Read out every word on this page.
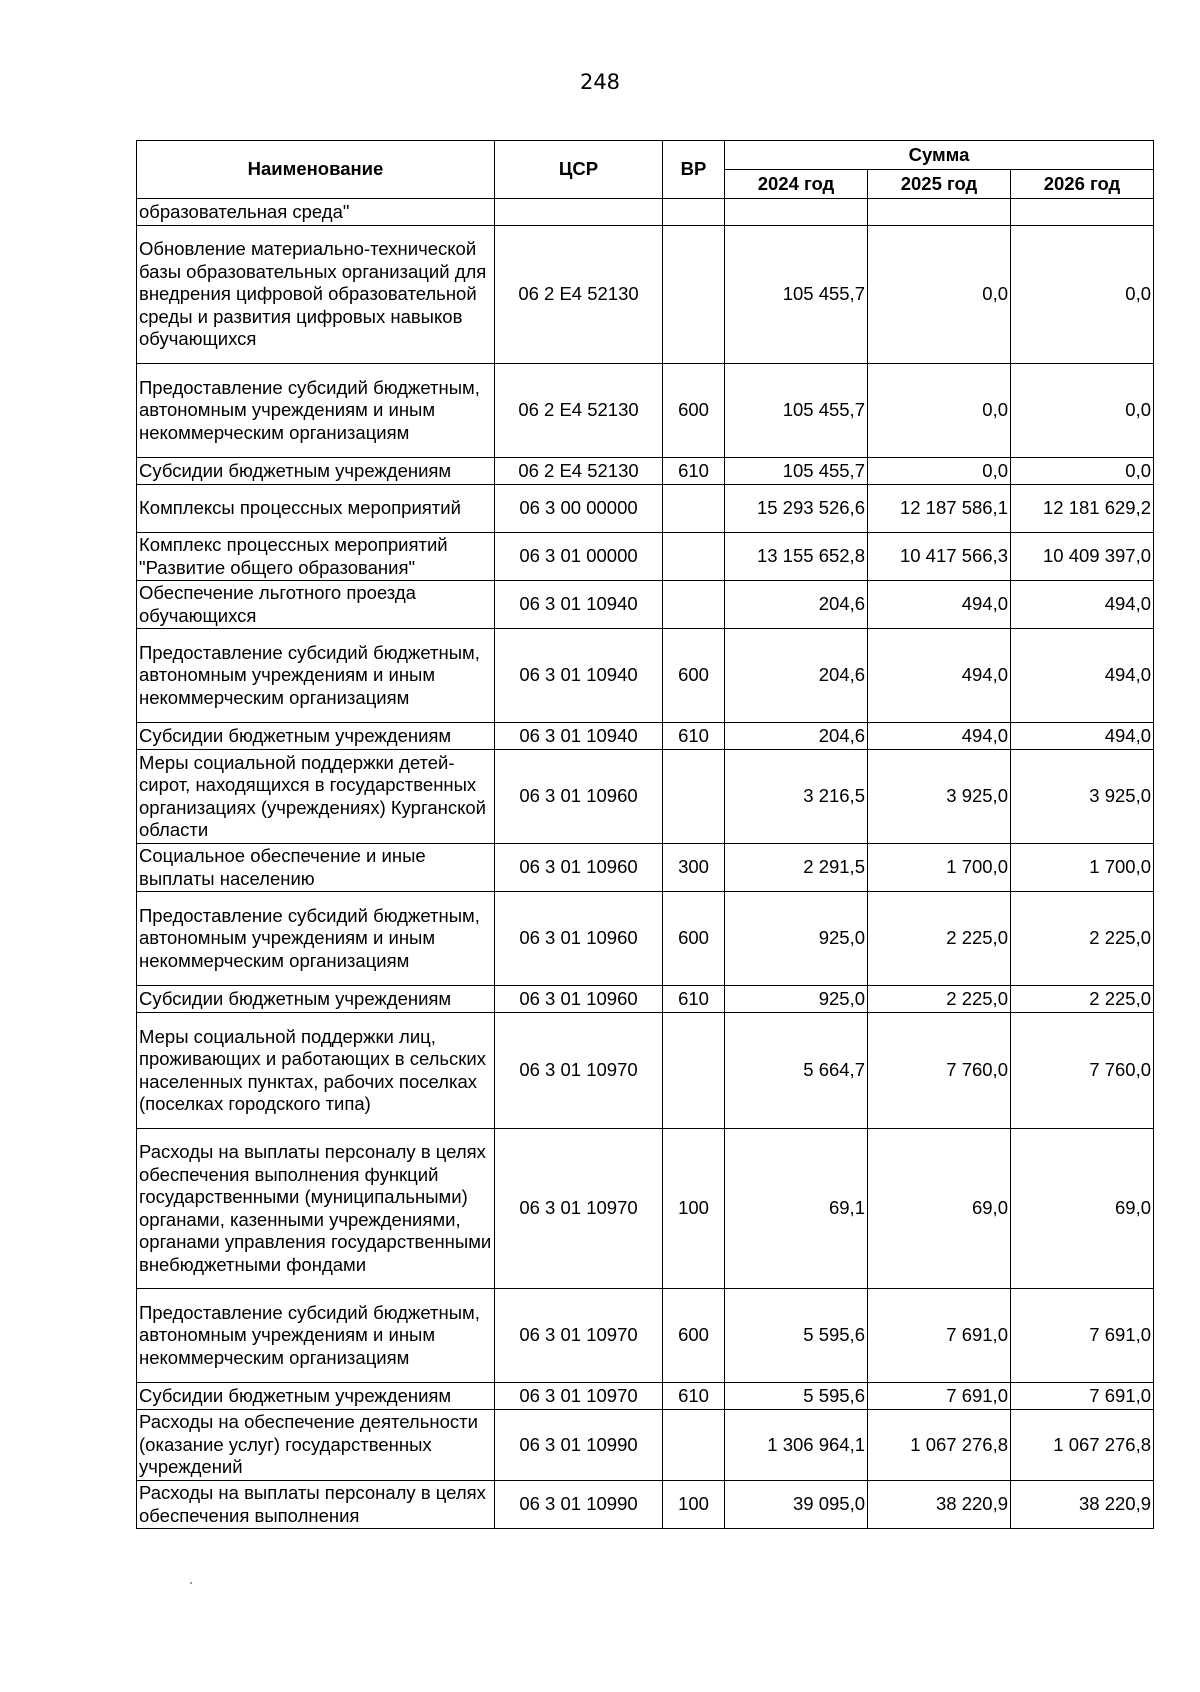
248
Наименование	ЦСР	ВР	Сумма		
			2024 год	2025 год	2026 год
образовательная среда"					
Обновление материально-технической базы образовательных организаций для внедрения цифровой образовательной среды и развития цифровых навыков обучающихся	06 2 Е4 52130		105 455,7	0,0	0,0
Предоставление субсидий бюджетным, автономным учреждениям и иным некоммерческим организациям	06 2 Е4 52130	600	105 455,7	0,0	0,0
Субсидии бюджетным учреждениям	06 2 Е4 52130	610	105 455,7	0,0	0,0
Комплексы процессных мероприятий	06 3 00 00000		15 293 526,6	12 187 586,1	12 181 629,2
Комплекс процессных мероприятий "Развитие общего образования"	06 3 01 00000		13 155 652,8	10 417 566,3	10 409 397,0
Обеспечение льготного проезда обучающихся	06 3 01 10940		204,6	494,0	494,0
Предоставление субсидий бюджетным, автономным учреждениям и иным некоммерческим организациям	06 3 01 10940	600	204,6	494,0	494,0
Субсидии бюджетным учреждениям	06 3 01 10940	610	204,6	494,0	494,0
Меры социальной поддержки детей-сирот, находящихся в государственных организациях (учреждениях) Курганской области	06 3 01 10960		3 216,5	3 925,0	3 925,0
Социальное обеспечение и иные выплаты населению	06 3 01 10960	300	2 291,5	1 700,0	1 700,0
Предоставление субсидий бюджетным, автономным учреждениям и иным некоммерческим организациям	06 3 01 10960	600	925,0	2 225,0	2 225,0
Субсидии бюджетным учреждениям	06 3 01 10960	610	925,0	2 225,0	2 225,0
Меры социальной поддержки лиц, проживающих и работающих в сельских населенных пунктах, рабочих поселках (поселках городского типа)	06 3 01 10970		5 664,7	7 760,0	7 760,0
Расходы на выплаты персоналу в целях обеспечения выполнения функций государственными (муниципальными) органами, казенными учреждениями, органами управления государственными внебюджетными фондами	06 3 01 10970	100	69,1	69,0	69,0
Предоставление субсидий бюджетным, автономным учреждениям и иным некоммерческим организациям	06 3 01 10970	600	5 595,6	7 691,0	7 691,0
Субсидии бюджетным учреждениям	06 3 01 10970	610	5 595,6	7 691,0	7 691,0
Расходы на обеспечение деятельности (оказание услуг) государственных учреждений	06 3 01 10990		1 306 964,1	1 067 276,8	1 067 276,8
Расходы на выплаты персоналу в целях обеспечения выполнения	06 3 01 10990	100	39 095,0	38 220,9	38 220,9
